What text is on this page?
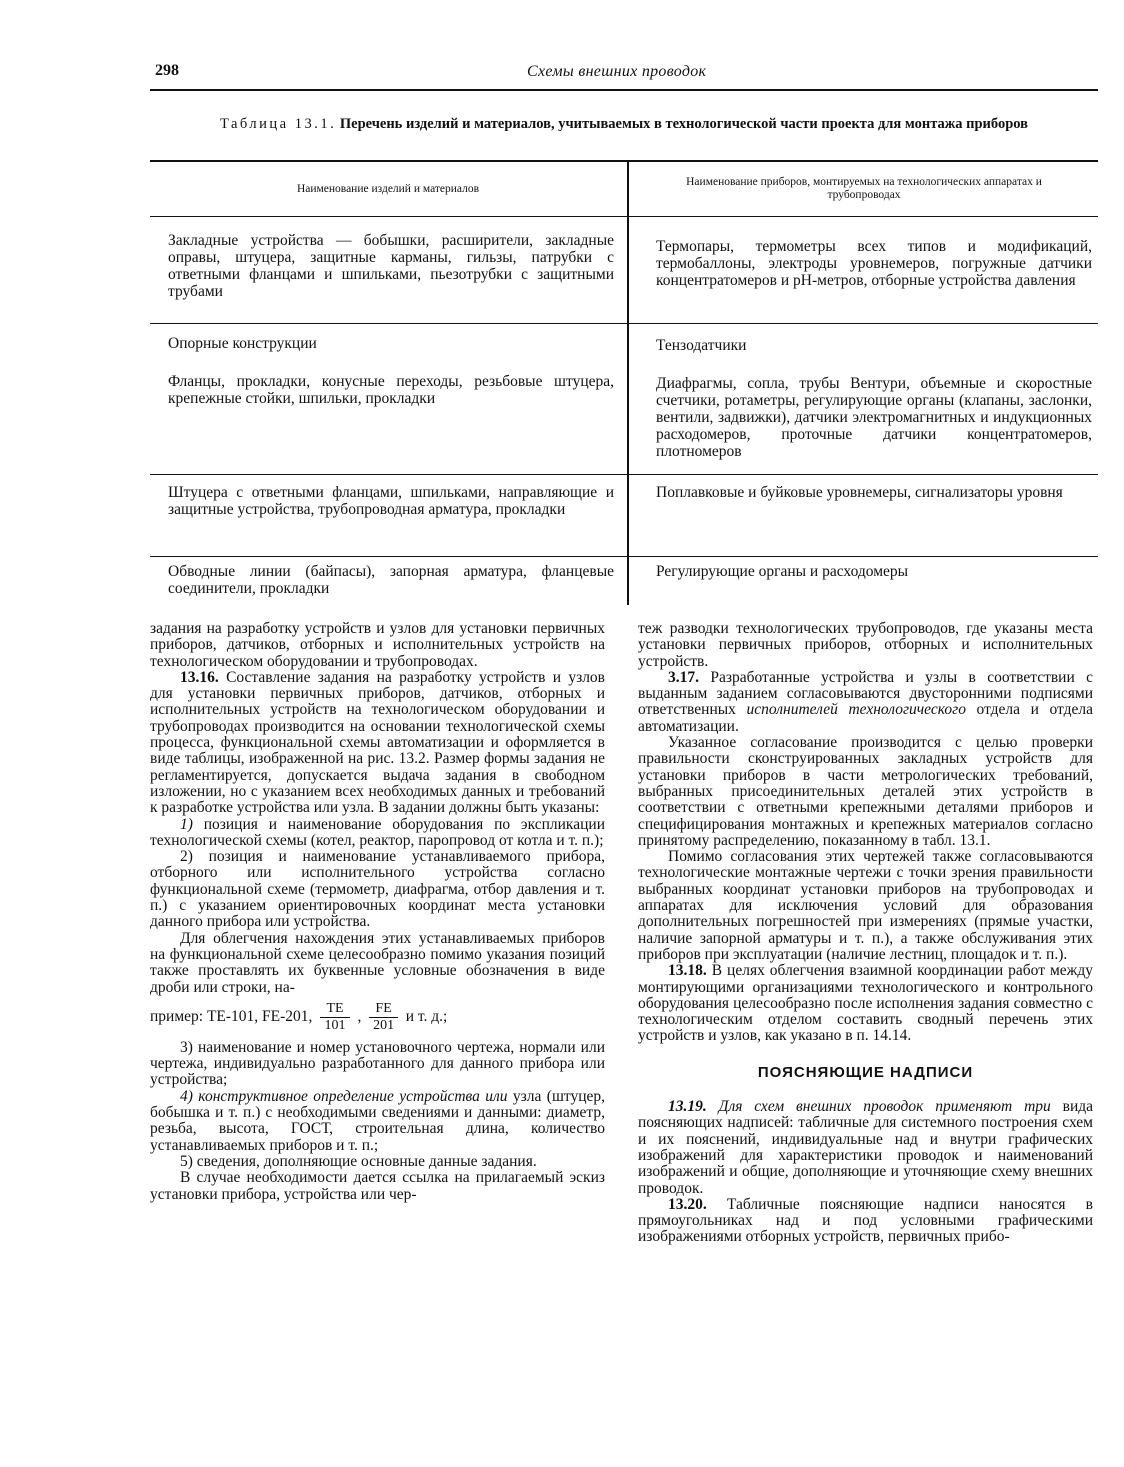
298	Схемы внешних проводок
Таблица 13.1. Перечень изделий и материалов, учитываемых в технологической части проекта для монтажа приборов
Наименование изделий и материалов
Наименование приборов, монтируемых на технологических аппаратах и трубопроводах
Закладные устройства — бобышки, расширители, закладные оправы, штуцера, защитные карманы, гильзы, патрубки с ответными фланцами и шпильками, пьезотрубки с защитными трубами
Термопары, термометры всех типов и модификаций, термобаллоны, электроды уровнемеров, погружные датчики концентратомеров и pH-метров, отборные устройства давления
Опорные конструкции	Тензодатчики
Фланцы, прокладки, конусные переходы, резьбовые штуцера, крепежные стойки, шпильки, прокладки
Диафрагмы, сопла, трубы Вентури, объемные и скоростные счетчики, ротаметры, регулирующие органы (клапаны, заслонки, вентили, задвижки), датчики электромагнитных и индукционных расходомеров, проточные датчики концентратомеров, плотномеров
Штуцера с ответными фланцами, шпильками, направляющие и защитные устройства, трубопроводная арматура, прокладки
Поплавковые и буйковые уровнемеры, сигнализаторы уровня
Обводные линии (байпасы), запорная арматура, фланцевые соединители, прокладки
Регулирующие органы и расходомеры

задания на разработку устройств и узлов для установки первичных приборов, датчиков, отборных и исполнительных устройств на технологическом оборудовании и трубопроводах.

13.16. Составление задания на разработку устройств и узлов для установки первичных приборов, датчиков, отборных и исполнительных устройств на технологическом оборудовании и трубопроводах производится на основании технологической схемы процесса, функциональной схемы автоматизации и оформляется в виде таблицы, изображенной на рис. 13.2. Размер формы задания не регламентируется, допускается выдача задания в свободном изложении, но с указанием всех необходимых данных и требований к разработке устройства или узла. В задании должны быть указаны:

1) позиция и наименование оборудования по экспликации технологической схемы (котел, реактор, паропровод от котла и т. п.);

2) позиция и наименование устанавливаемого прибора, отборного или исполнительного устройства согласно функциональной схеме (термометр, диафрагма, отбор давления и т. п.) с указанием ориентировочных координат места установки данного прибора или устройства.

Для облегчения нахождения этих устанавливаемых приборов на функциональной схеме целесообразно помимо указания позиций также проставлять их буквенные условные обозначения в виде дроби или строки, на-

пример: TE-101, FE-201, $\frac{TE}{101}$ , $\frac{FE}{201}$ и т. д.;

3) наименование и номер установочного чертежа, нормали или чертежа, индивидуально разработанного для данного прибора или устройства;

4) конструктивное определение устройства или узла (штуцер, бобышка и т. п.) с необходимыми сведениями и данными: диаметр, резьба, высота, ГОСТ, строительная длина, количество устанавливаемых приборов и т. п.;

5) сведения, дополняющие основные данные задания.

В случае необходимости дается ссылка на прилагаемый эскиз установки прибора, устройства или чер-

теж разводки технологических трубопроводов, где указаны места установки первичных приборов, отборных и исполнительных устройств.

3.17. Разработанные устройства и узлы в соответствии с выданным заданием согласовываются двусторонними подписями ответственных исполнителей технологического отдела и отдела автоматизации.

Указанное согласование производится с целью проверки правильности сконструированных закладных устройств для установки приборов в части метрологических требований, выбранных присоединительных деталей этих устройств в соответствии с ответными крепежными деталями приборов и специфицирования монтажных и крепежных материалов согласно принятому распределению, показанному в табл. 13.1.

Помимо согласования этих чертежей также согласовываются технологические монтажные чертежи с точки зрения правильности выбранных координат установки приборов на трубопроводах и аппаратах для исключения условий для образования дополнительных погрешностей при измерениях (прямые участки, наличие запорной арматуры и т. п.), а также обслуживания этих приборов при эксплуатации (наличие лестниц, площадок и т. п.).

13.18. В целях облегчения взаимной координации работ между монтирующими организациями технологического и контрольного оборудования целесообразно после исполнения задания совместно с технологическим отделом составить сводный перечень этих устройств и узлов, как указано в п. 14.14.

ПОЯСНЯЮЩИЕ НАДПИСИ

13.19. Для схем внешних проводок применяют три вида поясняющих надписей: табличные для системного построения схем и их пояснений, индивидуальные над и внутри графических изображений для характеристики проводок и наименований изображений и общие, дополняющие и уточняющие схему внешних проводок.

13.20. Табличные поясняющие надписи наносятся в прямоугольниках над и под условными графическими изображениями отборных устройств, первичных прибо-
